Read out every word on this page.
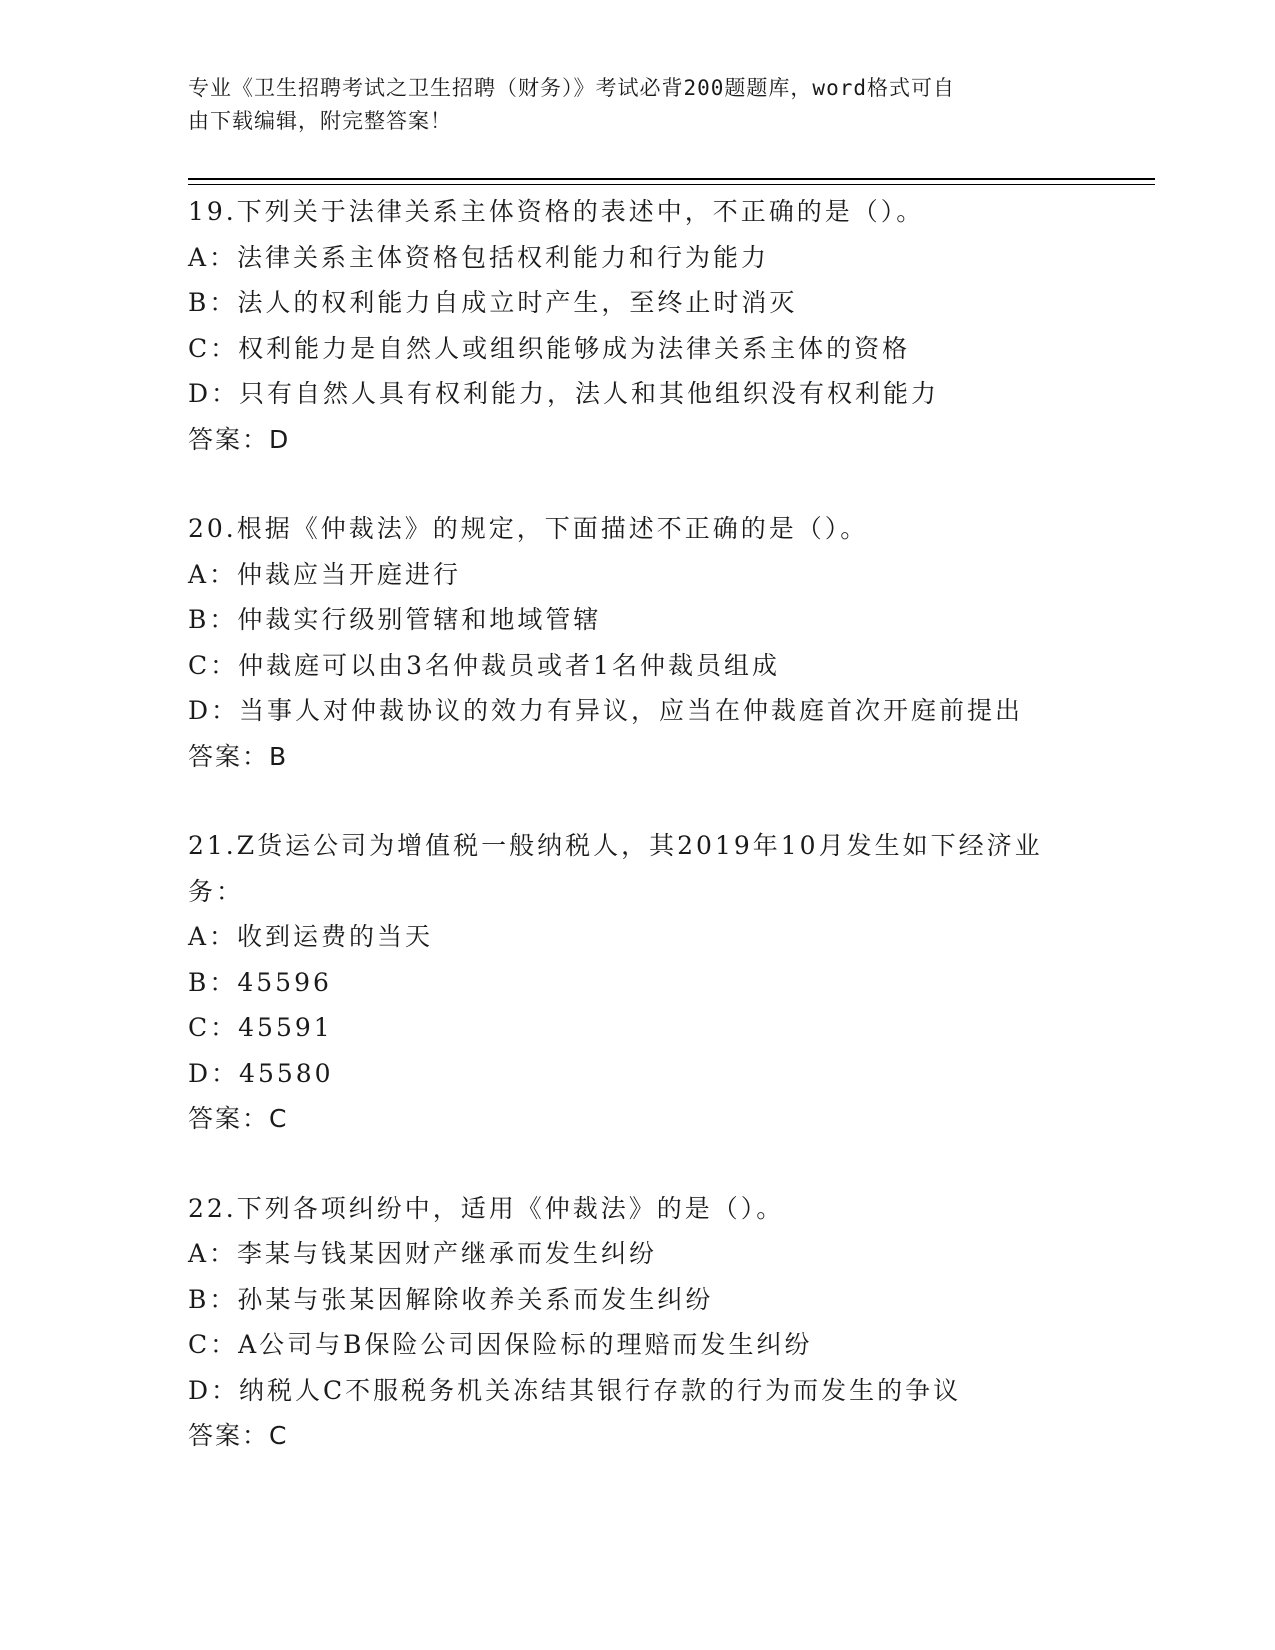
专业《卫生招聘考试之卫生招聘（财务）》考试必背200题题库，word格式可自
由下载编辑，附完整答案！
19.下列关于法律关系主体资格的表述中，不正确的是（）。
A：法律关系主体资格包括权利能力和行为能力
B：法人的权利能力自成立时产生，至终止时消灭
C：权利能力是自然人或组织能够成为法律关系主体的资格
D：只有自然人具有权利能力，法人和其他组织没有权利能力
答案：D
20.根据《仲裁法》的规定，下面描述不正确的是（）。
A：仲裁应当开庭进行
B：仲裁实行级别管辖和地域管辖
C：仲裁庭可以由3名仲裁员或者1名仲裁员组成
D：当事人对仲裁协议的效力有异议，应当在仲裁庭首次开庭前提出
答案：B
21.Z货运公司为增值税一般纳税人，其2019年10月发生如下经济业务：
A：收到运费的当天
B：45596
C：45591
D：45580
答案：C
22.下列各项纠纷中，适用《仲裁法》的是（）。
A：李某与钱某因财产继承而发生纠纷
B：孙某与张某因解除收养关系而发生纠纷
C：A公司与B保险公司因保险标的理赔而发生纠纷
D：纳税人C不服税务机关冻结其银行存款的行为而发生的争议
答案：C
